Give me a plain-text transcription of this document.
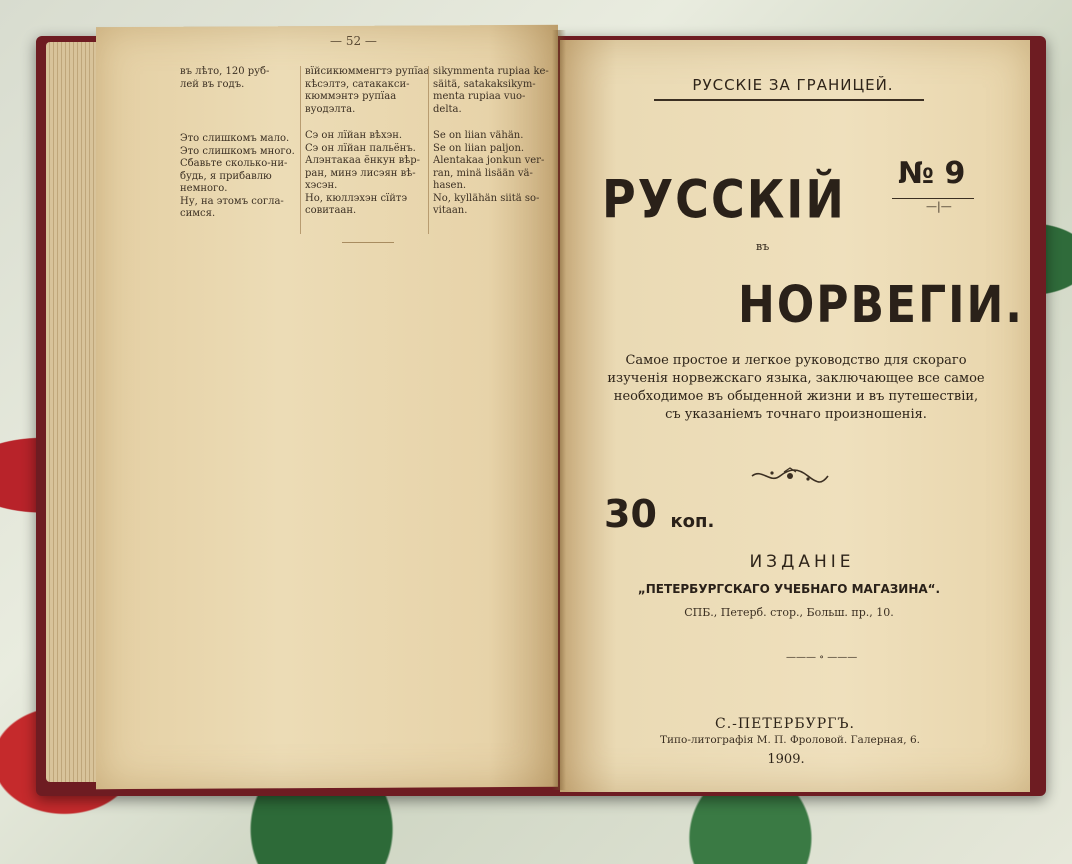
— 52 —
въ лѣто, 120 руб-
лей въ годъ.
Это слишкомъ мало.
Это слишкомъ много.
Сбавьте сколько-ни-
будь, я прибавлю
немного.
Ну, на этомъ согла-
симся.
вїйсикюмменгтэ рупїаа
кѣсэлтэ, сатакакси-
кюммэнтэ рупїаа
вуодэлта.
Сэ он лїйан вѣхэн.
Сэ он лїйан пальёнъ.
Алэнтакаа ёнкун вѣр-
ран, минэ лисэян вѣ-
хэсэн.
Но, кюллэхэн сїйтэ
совитаан.
sikymmenta rupiaa ke-
säitä, satakaksikym-
menta rupiaa vuo-
delta.
Se on liian vähän.
Se on liian paljon.
Alentakaa jonkun ver-
ran, minä lisään vä-
hasen.
No, kyllähän siitä so-
vitaan.
РУССКІЕ ЗА ГРАНИЦЕЙ.
РУССКІЙ № 9
—|—
въ
НОРВЕГІИ.
Самое простое и легкое руководство для скораго
изученія норвежскаго языка, заключающее все самое
необходимое въ обыденной жизни и въ путешествіи,
съ указаніемъ точнаго произношенія.
30 коп.
ИЗДАНІЕ
„ПЕТЕРБУРГСКАГО УЧЕБНАГО МАГАЗИНА“.
СПБ., Петерб. стор., Больш. пр., 10.
——— ∘ ———
С.-ПЕТЕРБУРГЪ.
Типо-литографія М. П. Фроловой. Галерная, 6.
1909.
